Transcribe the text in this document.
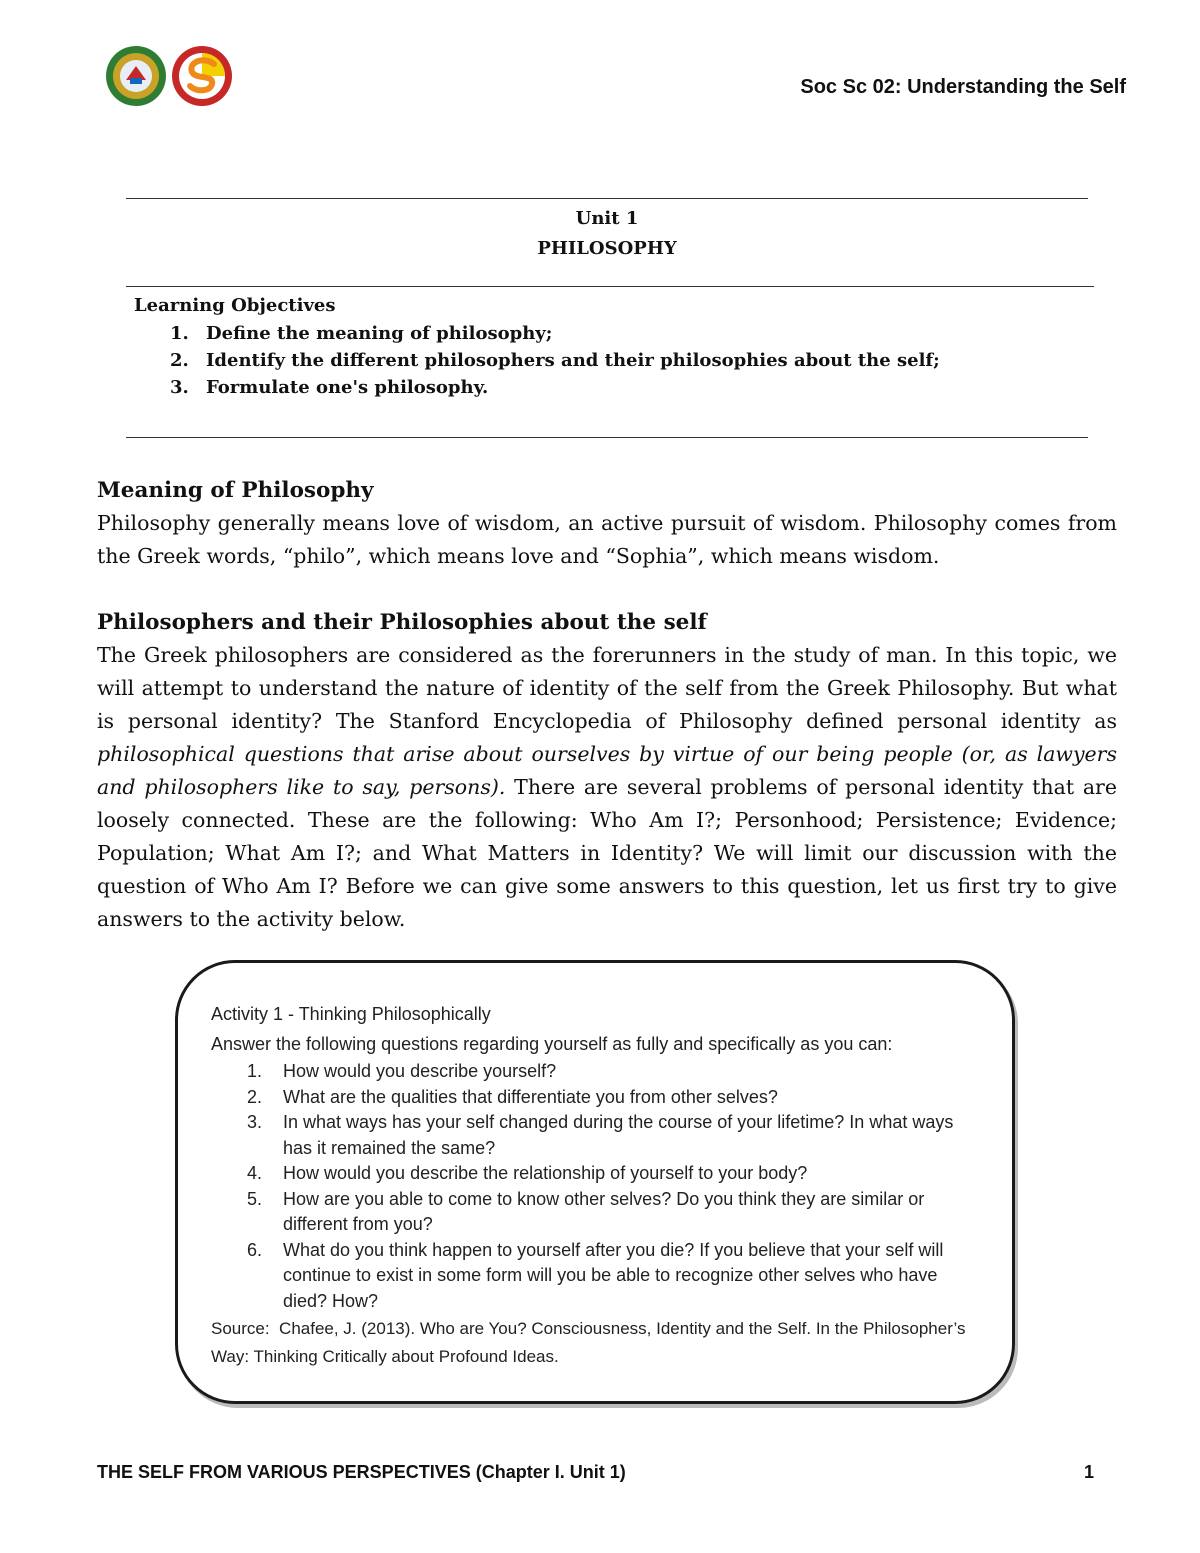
Soc Sc 02: Understanding the Self
Unit 1
PHILOSOPHY
Learning Objectives
1. Define the meaning of philosophy;
2. Identify the different philosophers and their philosophies about the self;
3. Formulate one's philosophy.
Meaning of Philosophy

Philosophy generally means love of wisdom, an active pursuit of wisdom. Philosophy comes from the Greek words, “philo”, which means love and “Sophia”, which means wisdom.

Philosophers and their Philosophies about the self

The Greek philosophers are considered as the forerunners in the study of man. In this topic, we will attempt to understand the nature of identity of the self from the Greek Philosophy. But what is personal identity? The Stanford Encyclopedia of Philosophy defined personal identity as philosophical questions that arise about ourselves by virtue of our being people (or, as lawyers and philosophers like to say, persons). There are several problems of personal identity that are loosely connected. These are the following: Who Am I?; Personhood; Persistence; Evidence; Population; What Am I?; and What Matters in Identity? We will limit our discussion with the question of Who Am I? Before we can give some answers to this question, let us first try to give answers to the activity below.

Activity 1 - Thinking Philosophically
Answer the following questions regarding yourself as fully and specifically as you can:
1. How would you describe yourself?
2. What are the qualities that differentiate you from other selves?
3. In what ways has your self changed during the course of your lifetime? In what ways has it remained the same?
4. How would you describe the relationship of yourself to your body?
5. How are you able to come to know other selves? Do you think they are similar or different from you?
6. What do you think happen to yourself after you die? If you believe that your self will continue to exist in some form will you be able to recognize other selves who have died? How?
Source: Chafee, J. (2013). Who are You? Consciousness, Identity and the Self. In the Philosopher’s Way: Thinking Critically about Profound Ideas.
THE SELF FROM VARIOUS PERSPECTIVES (Chapter I. Unit 1)	1
